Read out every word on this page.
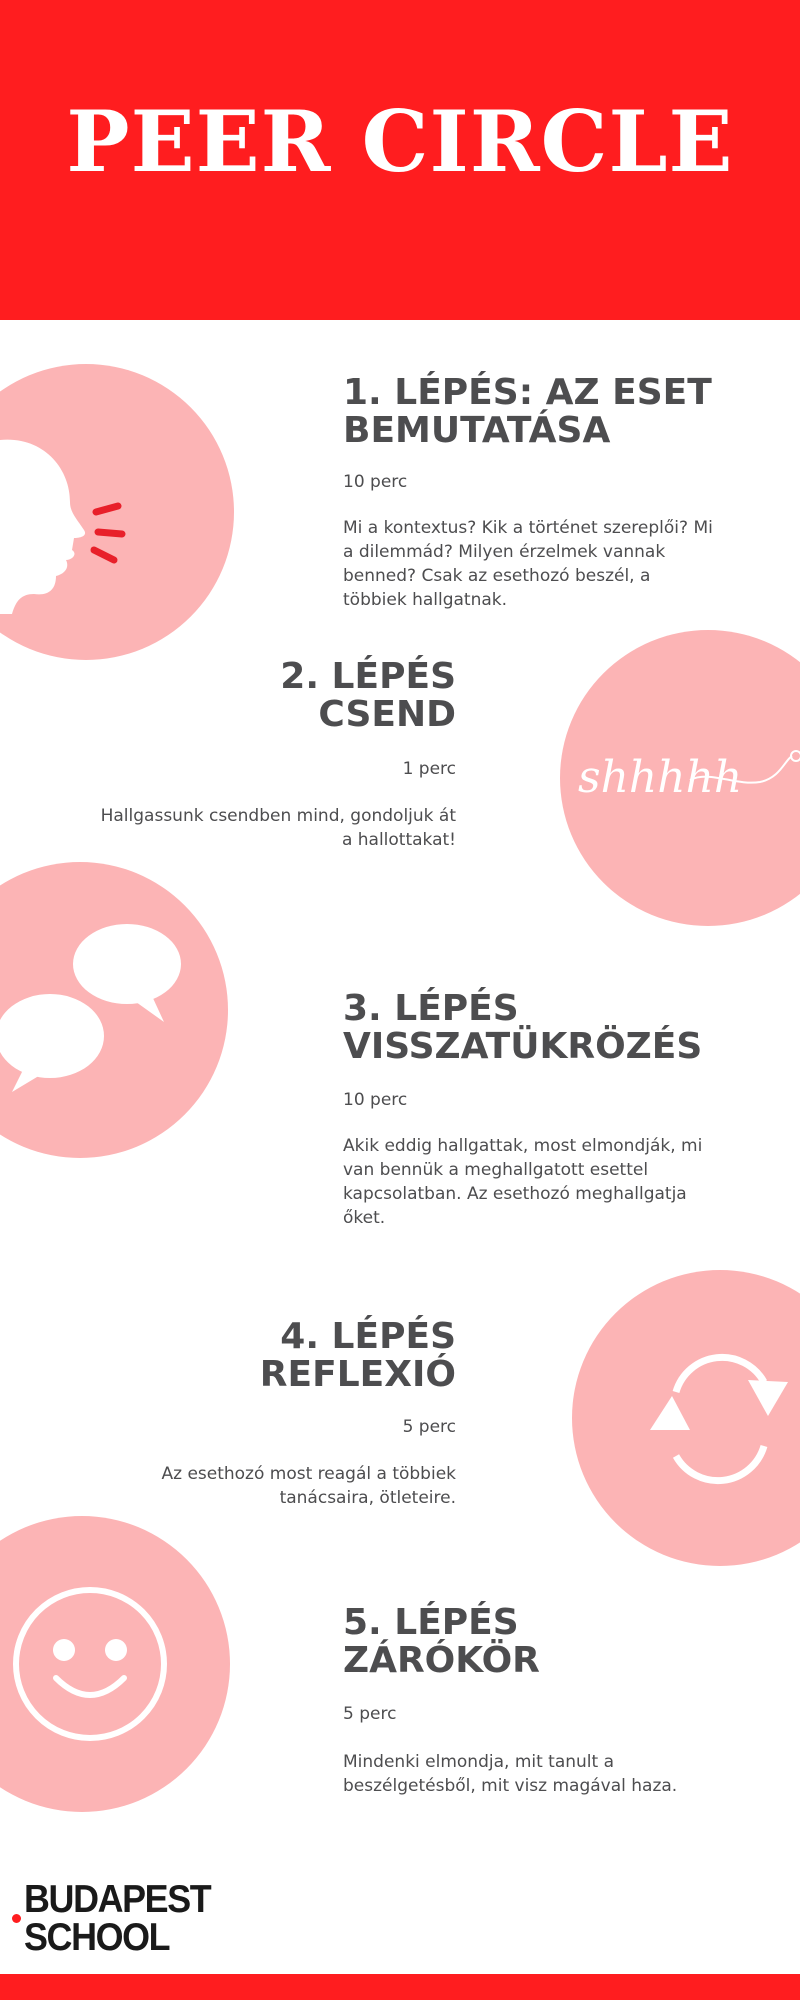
PEER CIRCLE
1. LÉPÉS: AZ ESET
BEMUTATÁSA
10 perc
Mi a kontextus? Kik a történet szereplői? Mi a dilemmád? Milyen érzelmek vannak benned? Csak az esethozó beszél, a többiek hallgatnak.
shhhhh
2. LÉPÉS
CSEND
1 perc
Hallgassunk csendben mind, gondoljuk át a hallottakat!
3. LÉPÉS
VISSZATÜKRÖZÉS
10 perc
Akik eddig hallgattak, most elmondják, mi van bennük a meghallgatott esettel kapcsolatban. Az esethozó meghallgatja őket.
4. LÉPÉS
REFLEXIÓ
5 perc
Az esethozó most reagál a többiek tanácsaira, ötleteire.
5. LÉPÉS
ZÁRÓKÖR
5 perc
Mindenki elmondja, mit tanult a beszélgetésből, mit visz magával haza.
BUDAPEST
SCHOOL
